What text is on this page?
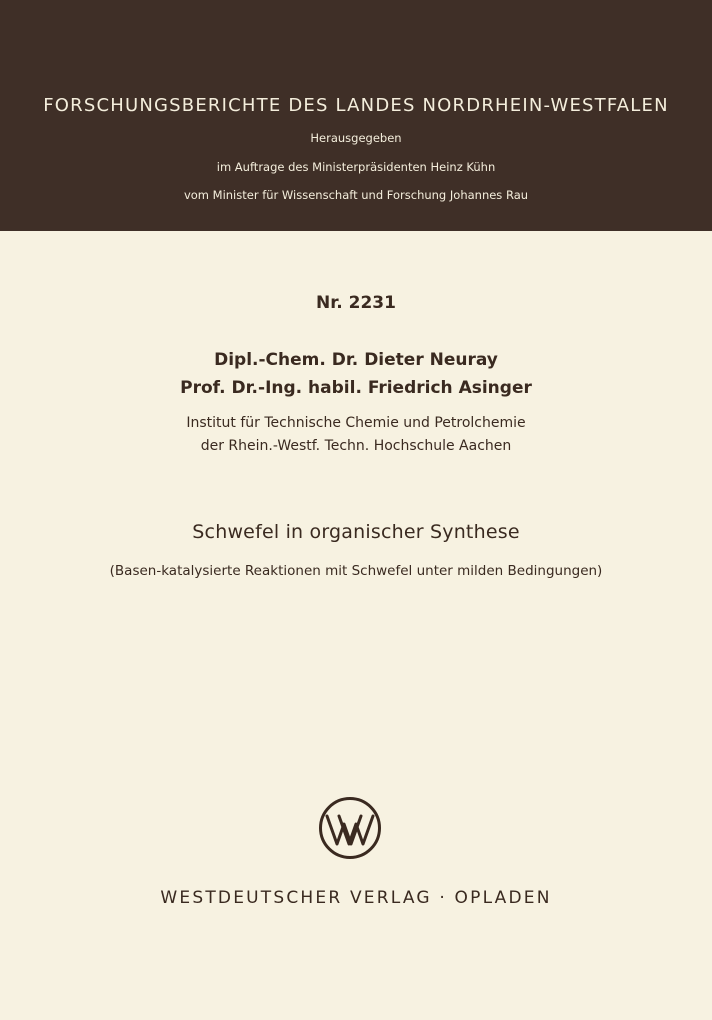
FORSCHUNGSBERICHTE DES LANDES NORDRHEIN-WESTFALEN
Herausgegeben
im Auftrage des Ministerpräsidenten Heinz Kühn
vom Minister für Wissenschaft und Forschung Johannes Rau
Nr. 2231
Dipl.-Chem. Dr. Dieter Neuray
Prof. Dr.-Ing. habil. Friedrich Asinger
Institut für Technische Chemie und Petrolchemie
der Rhein.-Westf. Techn. Hochschule Aachen
Schwefel in organischer Synthese
(Basen-katalysierte Reaktionen mit Schwefel unter milden Bedingungen)
WESTDEUTSCHER VERLAG · OPLADEN
